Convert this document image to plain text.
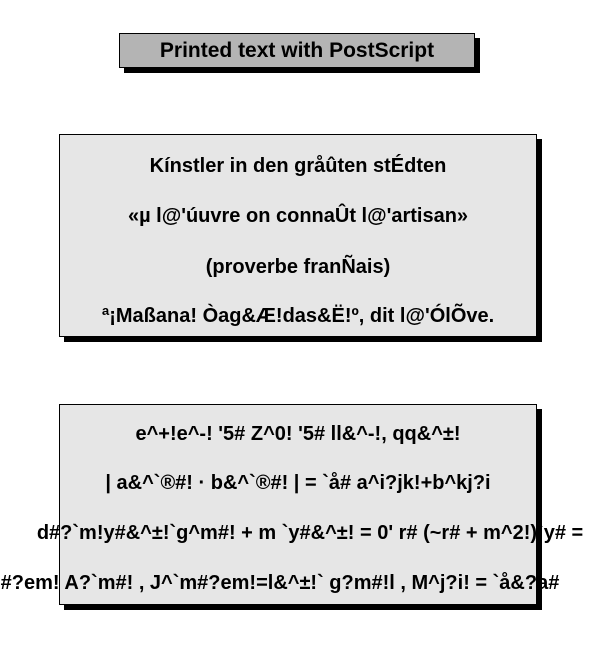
Printed text with PostScript
Kínstler in den gråûten stÉdten
«µ l@'úuvre on connaÛt l@'artisan»
(proverbe franÑais)
ª¡Maßana! Òag&Æ!das&Ë!º, dit l@'ÓlÕve.
e^+!e^-! '5# Z^0! '5# ll&^-!, qq&^±!
| a&^`®#! · b&^`®#! | = `å# a^i?jk!+b^kj?i
d#?`m!y#&^±!`g^m#! + m `y#&^±! = 0' r# (~r# + m^2!)`y# =
#?em! A?`m#! , J^`m#?em!=l&^±!` g?m#!l , M^j?i! = `å&?a#
